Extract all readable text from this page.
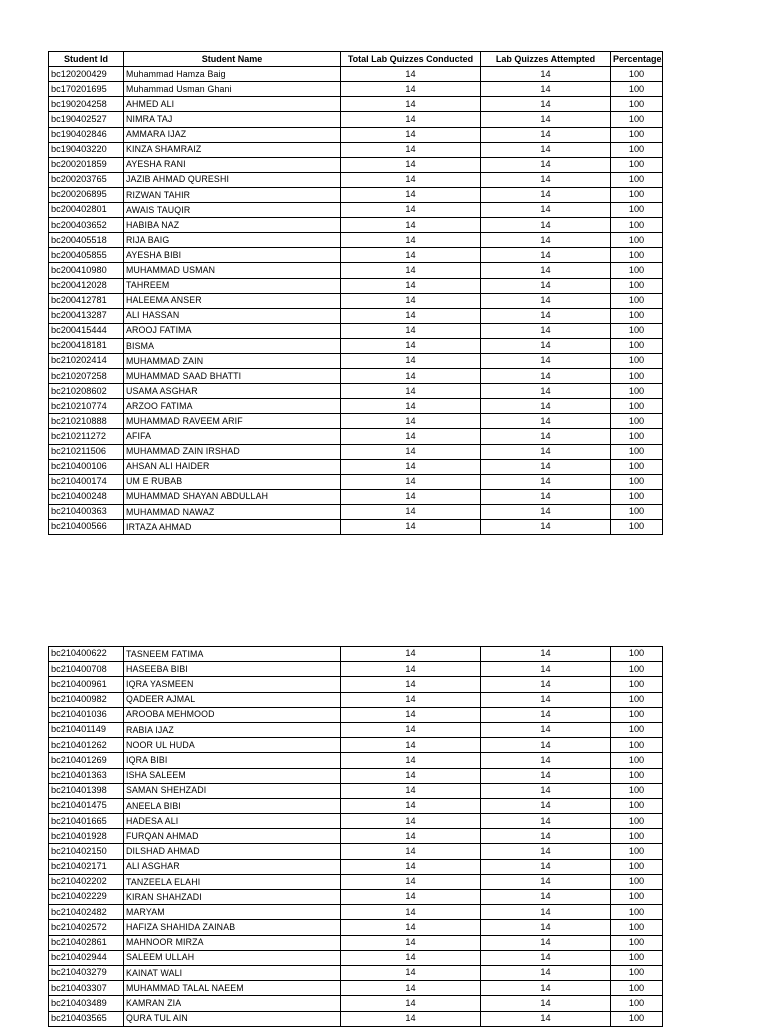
Student Id	Student Name	Total Lab Quizzes Conducted	Lab Quizzes Attempted	Percentage
bc120200429	Muhammad Hamza Baig	14	14	100
bc170201695	Muhammad Usman Ghani	14	14	100
bc190204258	AHMED ALI	14	14	100
bc190402527	NIMRA TAJ	14	14	100
bc190402846	AMMARA IJAZ	14	14	100
bc190403220	KINZA SHAMRAIZ	14	14	100
bc200201859	AYESHA RANI	14	14	100
bc200203765	JAZIB AHMAD QURESHI	14	14	100
bc200206895	RIZWAN TAHIR	14	14	100
bc200402801	AWAIS TAUQIR	14	14	100
bc200403652	HABIBA NAZ	14	14	100
bc200405518	RIJA BAIG	14	14	100
bc200405855	AYESHA BIBI	14	14	100
bc200410980	MUHAMMAD USMAN	14	14	100
bc200412028	TAHREEM	14	14	100
bc200412781	HALEEMA ANSER	14	14	100
bc200413287	ALI HASSAN	14	14	100
bc200415444	AROOJ FATIMA	14	14	100
bc200418181	BISMA	14	14	100
bc210202414	MUHAMMAD ZAIN	14	14	100
bc210207258	MUHAMMAD SAAD BHATTI	14	14	100
bc210208602	USAMA ASGHAR	14	14	100
bc210210774	ARZOO FATIMA	14	14	100
bc210210888	MUHAMMAD RAVEEM ARIF	14	14	100
bc210211272	AFIFA	14	14	100
bc210211506	MUHAMMAD ZAIN IRSHAD	14	14	100
bc210400106	AHSAN ALI HAIDER	14	14	100
bc210400174	UM E RUBAB	14	14	100
bc210400248	MUHAMMAD SHAYAN ABDULLAH	14	14	100
bc210400363	MUHAMMAD NAWAZ	14	14	100
bc210400566	IRTAZA AHMAD	14	14	100
bc210400622	TASNEEM FATIMA	14	14	100
bc210400708	HASEEBA BIBI	14	14	100
bc210400961	IQRA YASMEEN	14	14	100
bc210400982	QADEER AJMAL	14	14	100
bc210401036	AROOBA MEHMOOD	14	14	100
bc210401149	RABIA IJAZ	14	14	100
bc210401262	NOOR UL HUDA	14	14	100
bc210401269	IQRA BIBI	14	14	100
bc210401363	ISHA SALEEM	14	14	100
bc210401398	SAMAN SHEHZADI	14	14	100
bc210401475	ANEELA BIBI	14	14	100
bc210401665	HADESA ALI	14	14	100
bc210401928	FURQAN AHMAD	14	14	100
bc210402150	DILSHAD AHMAD	14	14	100
bc210402171	ALI ASGHAR	14	14	100
bc210402202	TANZEELA ELAHI	14	14	100
bc210402229	KIRAN SHAHZADI	14	14	100
bc210402482	MARYAM	14	14	100
bc210402572	HAFIZA SHAHIDA ZAINAB	14	14	100
bc210402861	MAHNOOR MIRZA	14	14	100
bc210402944	SALEEM ULLAH	14	14	100
bc210403279	KAINAT WALI	14	14	100
bc210403307	MUHAMMAD TALAL NAEEM	14	14	100
bc210403489	KAMRAN ZIA	14	14	100
bc210403565	QURA TUL AIN	14	14	100
